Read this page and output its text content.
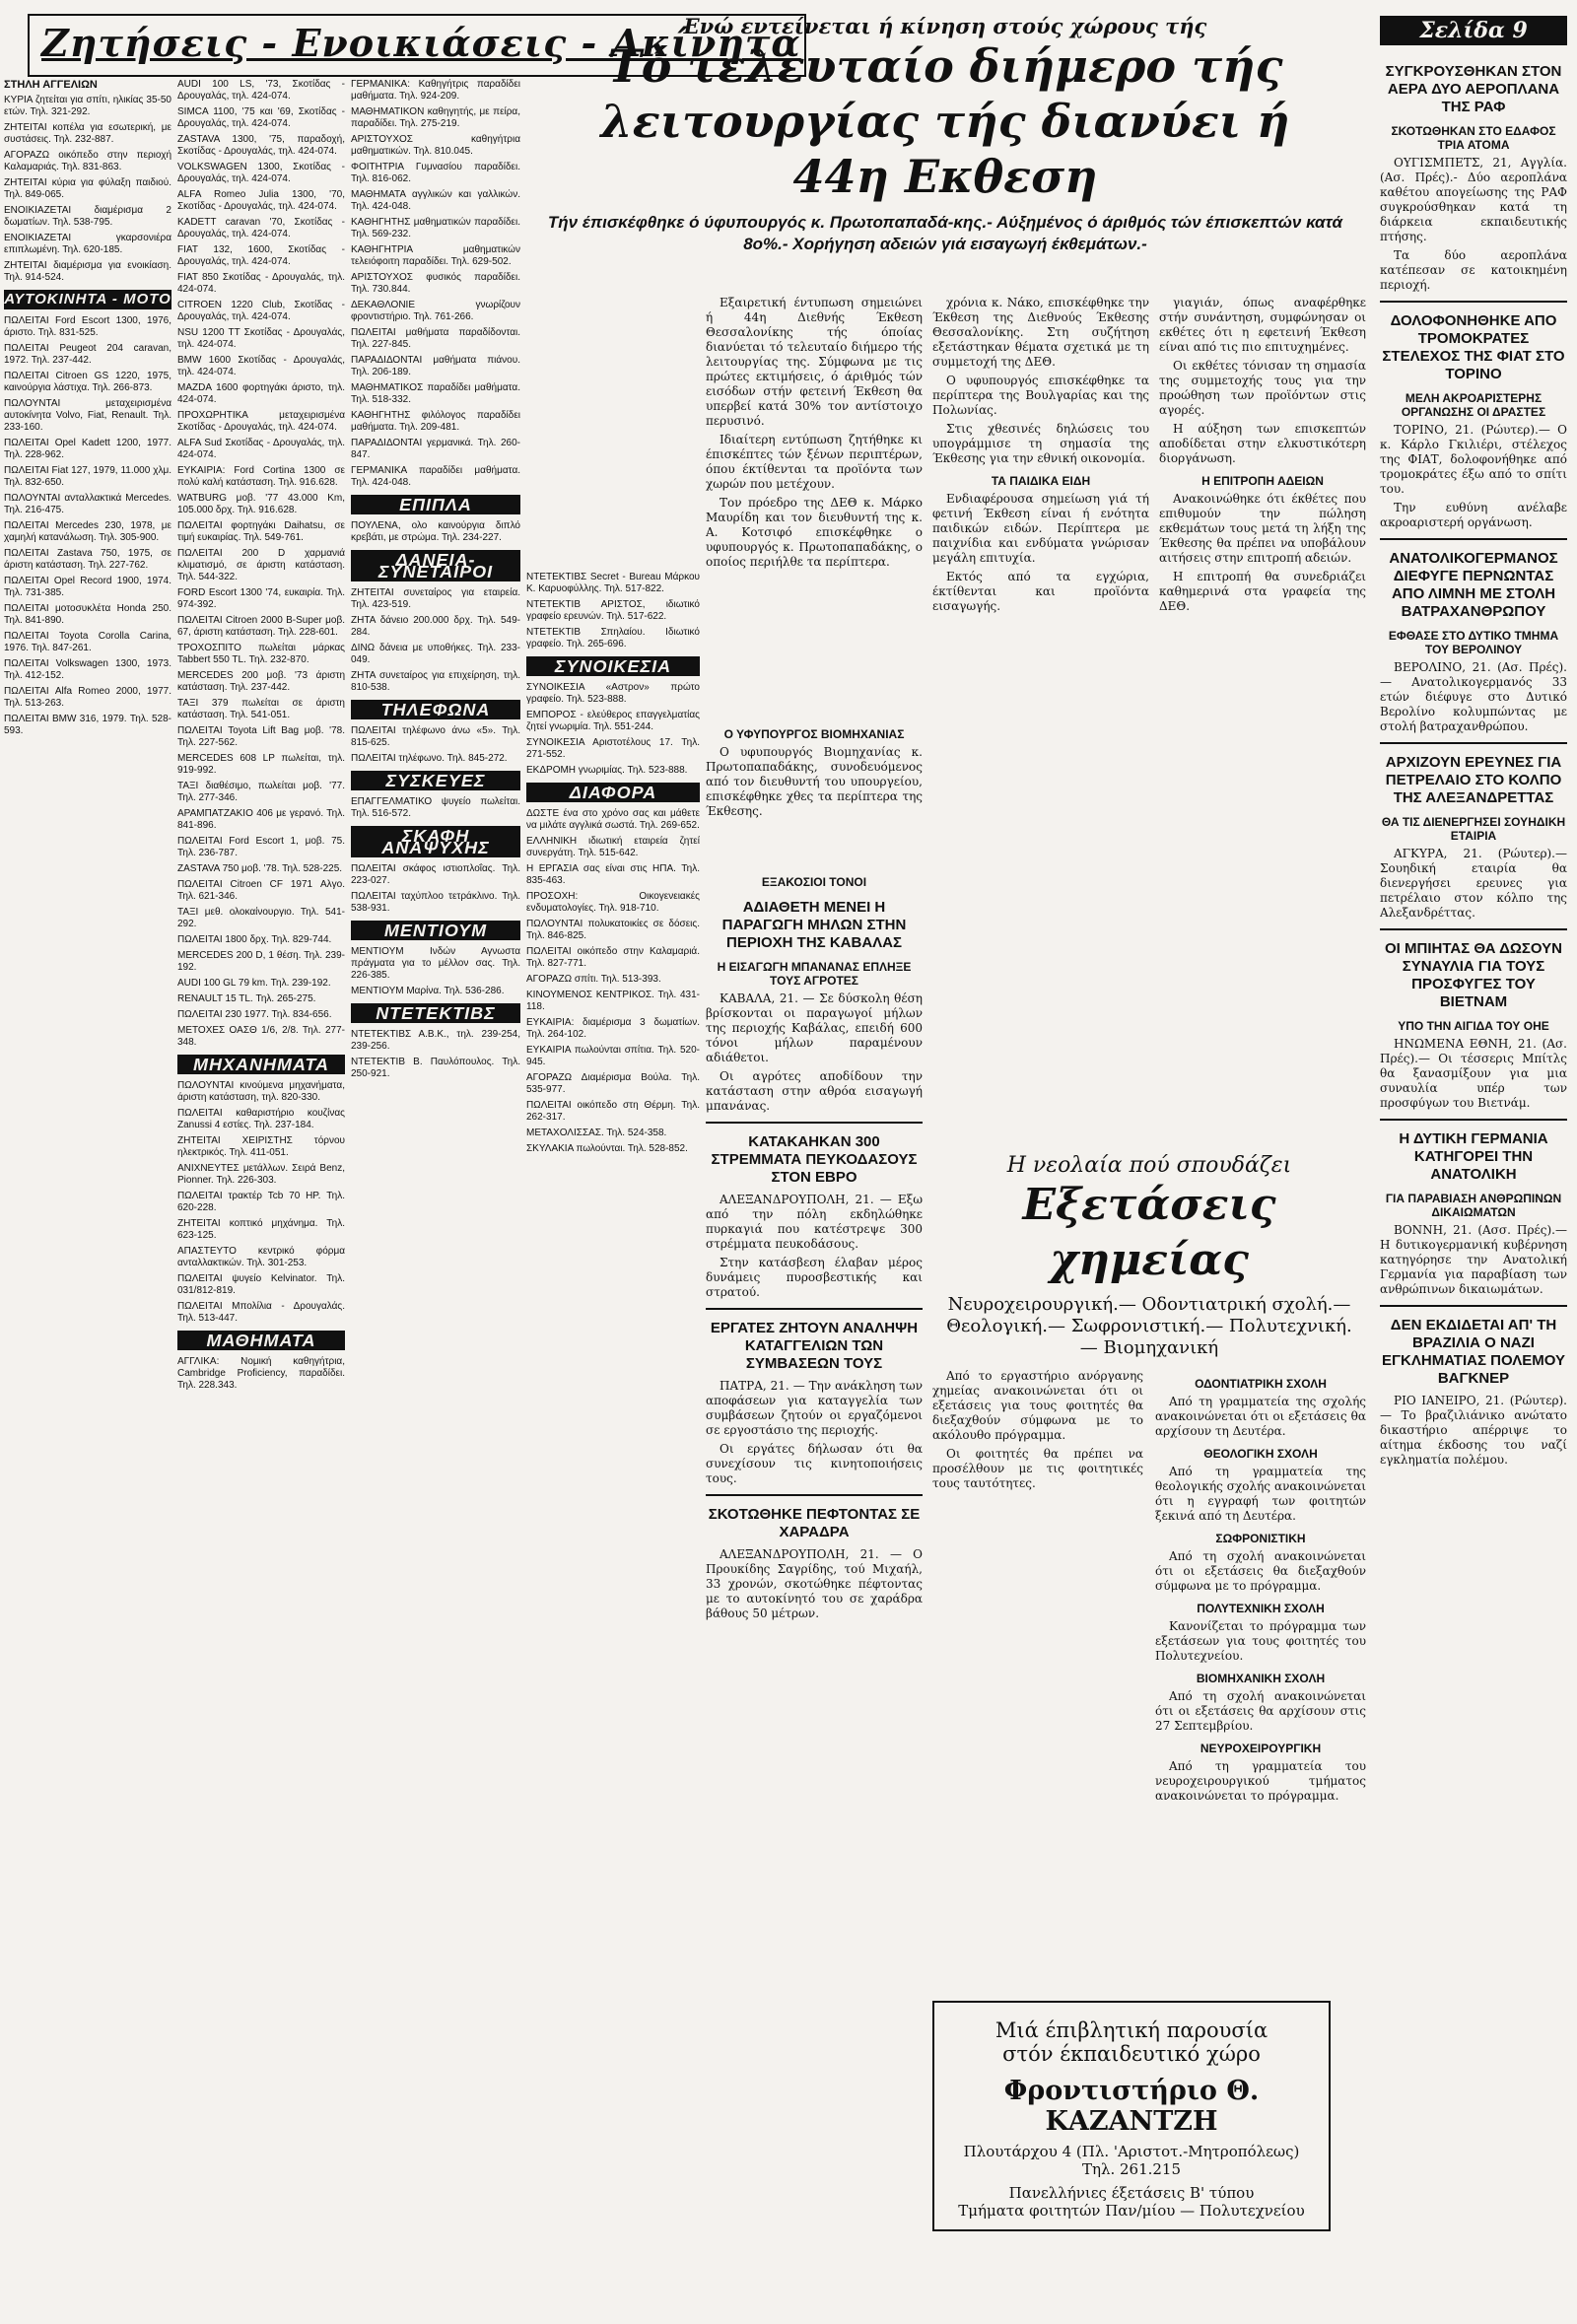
Ζητήσεις - Ενοικιάσεις - Ακίνητα
ΣΤΗΛΗ ΑΓΓΕΛΙΩΝ

ΚΥΡΙΑ ζητείται για σπίτι, ηλικίας 35-50 ετών. Τηλ. 321-292.

ΖΗΤΕΙΤΑΙ κοπέλα για εσωτερική, με συστάσεις. Τηλ. 232-887.

ΑΓΟΡΑΖΩ οικόπεδο στην περιοχή Καλαμαριάς. Τηλ. 831-863.

ΖΗΤΕΙΤΑΙ κύρια για φύλαξη παιδιού. Τηλ. 849-065.

ΕΝΟΙΚΙΑΖΕΤΑΙ διαμέρισμα 2 δωματίων. Τηλ. 538-795.

ΕΝΟΙΚΙΑΖΕΤΑΙ γκαρσονιέρα επιπλωμένη. Τηλ. 620-185.

ΖΗΤΕΙΤΑΙ διαμέρισμα για ενοικίαση. Τηλ. 914-524.

ΑΥΤΟΚΙΝΗΤΑ - ΜΟΤΟ

ΠΩΛΕΙΤΑΙ Ford Escort 1300, 1976, άριστο. Τηλ. 831-525.

ΠΩΛΕΙΤΑΙ Peugeot 204 caravan, 1972. Τηλ. 237-442.

ΠΩΛΕΙΤΑΙ Citroen GS 1220, 1975, καινούργια λάστιχα. Τηλ. 266-873.

ΠΩΛΟΥΝΤΑΙ μεταχειρισμένα αυτοκίνητα Volvo, Fiat, Renault. Τηλ. 233-160.

ΠΩΛΕΙΤΑΙ Opel Kadett 1200, 1977. Τηλ. 228-962.

ΠΩΛΕΙΤΑΙ Fiat 127, 1979, 11.000 χλμ. Τηλ. 832-650.

ΠΩΛΟΥΝΤΑΙ ανταλλακτικά Mercedes. Τηλ. 216-475.

ΠΩΛΕΙΤΑΙ Mercedes 230, 1978, με χαμηλή κατανάλωση. Τηλ. 305-900.

ΠΩΛΕΙΤΑΙ Zastava 750, 1975, σε άριστη κατάσταση. Τηλ. 227-762.

ΠΩΛΕΙΤΑΙ Opel Record 1900, 1974. Τηλ. 731-385.

ΠΩΛΕΙΤΑΙ μοτοσυκλέτα Honda 250. Τηλ. 841-890.

ΠΩΛΕΙΤΑΙ Toyota Corolla Carina, 1976. Τηλ. 847-261.

ΠΩΛΕΙΤΑΙ Volkswagen 1300, 1973. Τηλ. 412-152.

ΠΩΛΕΙΤΑΙ Alfa Romeo 2000, 1977. Τηλ. 513-263.

ΠΩΛΕΙΤΑΙ BMW 316, 1979. Τηλ. 528-593.

AUDI 100 LS, '73, Σκοτίδας - Δρουγαλάς, τηλ. 424-074.

SIMCA 1100, '75 και '69, Σκοτίδας - Δρουγαλάς, τηλ. 424-074.

ZASTAVA 1300, '75, παραδοχή, Σκοτίδας - Δρουγαλάς, τηλ. 424-074.

VOLKSWAGEN 1300, Σκοτίδας - Δρουγαλάς, τηλ. 424-074.

ALFA Romeo Julia 1300, '70, Σκοτίδας - Δρουγαλάς, τηλ. 424-074.

KADETT caravan '70, Σκοτίδας - Δρουγαλάς, τηλ. 424-074.

FIAT 132, 1600, Σκοτίδας - Δρουγαλάς, τηλ. 424-074.

FIAT 850 Σκοτίδας - Δρουγαλάς, τηλ. 424-074.

CITROEN 1220 Club, Σκοτίδας - Δρουγαλάς, τηλ. 424-074.

NSU 1200 TT Σκοτίδας - Δρουγαλάς, τηλ. 424-074.

BMW 1600 Σκοτίδας - Δρουγαλάς, τηλ. 424-074.

MAZDA 1600 φορτηγάκι άριστο, τηλ. 424-074.

ΠΡΟΧΩΡΗΤΙΚΑ μεταχειρισμένα Σκοτίδας - Δρουγαλάς, τηλ. 424-074.

ALFA Sud Σκοτίδας - Δρουγαλάς, τηλ. 424-074.

ΕΥΚΑΙΡΙΑ: Ford Cortina 1300 σε πολύ καλή κατάσταση. Τηλ. 916.628.

WATBURG μοβ. '77 43.000 Κm, 105.000 δρχ. Τηλ. 916.628.

ΠΩΛΕΙΤΑΙ φορτηγάκι Daihatsu, σε τιμή ευκαιρίας. Τηλ. 549-761.

ΠΩΛΕΙΤΑΙ 200 D χαρμανιά κλιματισμό, σε άριστη κατάσταση. Τηλ. 544-322.

FORD Escort 1300 '74, ευκαιρία. Τηλ. 974-392.

ΠΩΛΕΙΤΑΙ Citroen 2000 B-Super μοβ. 67, άριστη κατάσταση. Τηλ. 228-601.

ΤΡΟΧΟΣΠΙΤΟ πωλείται μάρκας Tabbert 550 TL. Τηλ. 232-870.

MERCEDES 200 μοβ. '73 άριστη κατάσταση. Τηλ. 237-442.

ΤΑΞΙ 379 πωλείται σε άριστη κατάσταση. Τηλ. 541-051.

ΠΩΛΕΙΤΑΙ Toyota Lift Bag μοβ. '78. Τηλ. 227-562.

MERCEDES 608 LP πωλείται, τηλ. 919-992.

ΤΑΞΙ διαθέσιμο, πωλείται μοβ. '77. Τηλ. 277-346.

ΑΡΑΜΠΑΤΖΑΚΙΟ 406 με γερανό. Τηλ. 841-896.

ΠΩΛΕΙΤΑΙ Ford Escort 1, μοβ. 75. Τηλ. 236-787.

ZASTAVA 750 μοβ. '78. Τηλ. 528-225.

ΠΩΛΕΙΤΑΙ Citroen CF 1971 Αλγο. Τηλ. 621-346.

ΤΑΞΙ μεθ. ολοκαίνουργιο. Τηλ. 541-292.

ΠΩΛΕΙΤΑΙ 1800 δρχ. Τηλ. 829-744.

MERCEDES 200 D, 1 θέση. Τηλ. 239-192.

AUDI 100 GL 79 km. Τηλ. 239-192.

RENAULT 15 TL. Τηλ. 265-275.

ΠΩΛΕΙΤΑΙ 230 1977. Τηλ. 834-656.

ΜΕΤΟΧΕΣ ΟΑΣΘ 1/6, 2/8. Τηλ. 277-348.

ΜΗΧΑΝΗΜΑΤΑ

ΠΩΛΟΥΝΤΑΙ κινούμενα μηχανήματα, άριστη κατάσταση, τηλ. 820-330.

ΠΩΛΕΙΤΑΙ καθαριστήριο κουζίνας Zanussi 4 εστίες. Τηλ. 237-184.

ΖΗΤΕΙΤΑΙ ΧΕΙΡΙΣΤΗΣ τόρνου ηλεκτρικός. Τηλ. 411-051.

ANIXNEYTEΣ μετάλλων. Σειρά Benz, Pionner. Τηλ. 226-303.

ΠΩΛΕΙΤΑΙ τρακτέρ Tcb 70 HP. Τηλ. 620-228.

ΖΗΤΕΙΤΑΙ κοπτικό μηχάνημα. Τηλ. 623-125.

ΑΠΑΣΤΕΥΤΟ κεντρικό φόρμα ανταλλακτικών. Τηλ. 301-253.

ΠΩΛΕΙΤΑΙ ψυγείο Kelvinator. Τηλ. 031/812-819.

ΠΩΛΕΙΤΑΙ Μπολίλια - Δρουγαλάς. Τηλ. 513-447.

ΜΑΘΗΜΑΤΑ

ΑΓΓΛΙΚΑ: Νομική καθηγήτρια, Cambridge Proficiency, παραδίδει. Τηλ. 228.343.

ΓΕΡΜΑΝΙΚΑ: Καθηγήτρις παραδίδει μαθήματα. Τηλ. 924-209.

ΜΑΘΗΜΑΤΙΚΟΝ καθηγητής, με πείρα, παραδίδει. Τηλ. 275-219.

ΑΡΙΣΤΟΥΧΟΣ καθηγήτρια μαθηματικών. Τηλ. 810.045.

ΦΟΙΤΗΤΡΙΑ Γυμνασίου παραδίδει. Τηλ. 816-062.

ΜΑΘΗΜΑΤΑ αγγλικών και γαλλικών. Τηλ. 424-048.

ΚΑΘΗΓΗΤΗΣ μαθηματικών παραδίδει. Τηλ. 569-232.

ΚΑΘΗΓΗΤΡΙΑ μαθηματικών τελειόφοιτη παραδίδει. Τηλ. 629-502.

ΑΡΙΣΤΟΥΧΟΣ φυσικός παραδίδει. Τηλ. 730.844.

ΔΕΚΑΘΛΟΝΙΕ γνωρίζουν φροντιστήριο. Τηλ. 761-266.

ΠΩΛΕΙΤΑΙ μαθήματα παραδίδονται. Τηλ. 227-845.

ΠΑΡΑΔΙΔΟΝΤΑΙ μαθήματα πιάνου. Τηλ. 206-189.

ΜΑΘΗΜΑΤΙΚΟΣ παραδίδει μαθήματα. Τηλ. 518-332.

ΚΑΘΗΓΗΤΗΣ φιλόλογος παραδίδει μαθήματα. Τηλ. 209-481.

ΠΑΡΑΔΙΔΟΝΤΑΙ γερμανικά. Τηλ. 260-847.

ΓΕΡΜΑΝΙΚΑ παραδίδει μαθήματα. Τηλ. 424-048.

ΕΠΙΠΛΑ

ΠΟΥΛΕΝΑ, ολο καινούργια διπλό κρεβάτι, με στρώμα. Τηλ. 234-227.

ΔΑΝΕΙΑ-ΣΥΝΕΤΑΙΡΟΙ

ΖΗΤΕΙΤΑΙ συνεταίρος για εταιρεία. Τηλ. 423-519.

ΖΗΤΑ δάνειο 200.000 δρχ. Τηλ. 549-284.

ΔΙΝΩ δάνεια με υποθήκες. Τηλ. 233-049.

ΖΗΤΑ συνεταίρος για επιχείρηση, τηλ. 810-538.

ΤΗΛΕΦΩΝΑ

ΠΩΛΕΙΤΑΙ τηλέφωνο άνω «5». Τηλ. 815-625.

ΠΩΛΕΙΤΑΙ τηλέφωνο. Τηλ. 845-272.

ΣΥΣΚΕΥΕΣ

ΕΠΑΓΓΕΛΜΑΤΙΚΟ ψυγείο πωλείται. Τηλ. 516-572.

ΣΚΑΦΗ ΑΝΑΨΥΧΗΣ

ΠΩΛΕΙΤΑΙ σκάφος ιστιοπλοΐας. Τηλ. 223-027.

ΠΩΛΕΙΤΑΙ ταχύπλοο τετράκλινο. Τηλ. 538-931.

ΜΕΝΤΙΟΥΜ

ΜΕΝΤΙΟΥΜ Ινδών Αγνωστα πράγματα για το μέλλον σας. Τηλ. 226-385.

ΜΕΝΤΙΟΥΜ Μαρίνα. Τηλ. 536-286.

ΝΤΕΤΕΚΤΙΒΣ

ΝΤΕΤΕΚΤΙΒΣ Α.Β.Κ., τηλ. 239-254, 239-256.

ΝΤΕΤΕΚΤΙΒ Β. Παυλόπουλος. Τηλ. 250-921.

ΝΤΕΤΕΚΤΙΒΣ Secret - Bureau Μάρκου Κ. Καρυοφύλλης. Τηλ. 517-822.

ΝΤΕΤΕΚΤΙΒ ΑΡΙΣΤΟΣ, ιδιωτικό γραφείο ερευνών. Τηλ. 517-622.

ΝΤΕΤΕΚΤΙΒ Σπηλαίου. Ιδιωτικό γραφείο. Τηλ. 265-696.

ΣΥΝΟΙΚΕΣΙΑ

ΣΥΝΟΙΚΕΣΙΑ «Αστρον» πρώτο γραφείο. Τηλ. 523-888.

ΕΜΠΟΡΟΣ - ελεύθερος επαγγελματίας ζητεί γνωριμία. Τηλ. 551-244.

ΣΥΝΟΙΚΕΣΙΑ Αριστοτέλους 17. Τηλ. 271-552.

ΕΚΔΡΟΜΗ γνωριμίας. Τηλ. 523-888.

ΔΙΑΦΟΡΑ

ΔΩΣΤΕ ένα στο χρόνο σας και μάθετε να μιλάτε αγγλικά σωστά. Τηλ. 269-652.

ΕΛΛΗΝΙΚΗ ιδιωτική εταιρεία ζητεί συνεργάτη. Τηλ. 515-642.

Η ΕΡΓΑΣΙΑ σας είναι στις ΗΠΑ. Τηλ. 835-463.

ΠΡΟΣΟΧΗ: Οικογενειακές ενδυματολογίες. Τηλ. 918-710.

ΠΩΛΟΥΝΤΑΙ πολυκατοικίες σε δόσεις. Τηλ. 846-825.

ΠΩΛΕΙΤΑΙ οικόπεδο στην Καλαμαριά. Τηλ. 827-771.

ΑΓΟΡΑΖΩ σπίτι. Τηλ. 513-393.

ΚΙΝΟΥΜΕΝΟΣ ΚΕΝΤΡΙΚΟΣ. Τηλ. 431-118.

ΕΥΚΑΙΡΙΑ: διαμέρισμα 3 δωματίων. Τηλ. 264-102.

ΕΥΚΑΙΡΙΑ πωλούνται σπίτια. Τηλ. 520-945.

ΑΓΟΡΑΖΩ Διαμέρισμα Βούλα. Τηλ. 535-977.

ΠΩΛΕΙΤΑΙ οικόπεδο στη Θέρμη. Τηλ. 262-317.

ΜΕΤΑΧΟΛΙΣΣΑΣ. Τηλ. 524-358.

ΣΚΥΛΑΚΙΑ πωλούνται. Τηλ. 528-852.

Ενώ εντείνεται ή κίνηση στούς χώρους τής
Τό τελευταίο διήμερο τής λειτουργίας τής διανύει ή 44η Εκθεση
Τήν έπισκέφθηκε ό ύφυπουργός κ. Πρωτοπαπαδά-κης.- Αύξημένος ό άριθμός τών έπισκεπτών κατά 8ο%.- Χορήγηση αδειών γιά εισαγωγή έκθεμάτων.-

Εξαιρετική έντυπωση σημειώνει ή 44η Διεθνής Έκθεση Θεσσαλονίκης τής όποίας διανύεται τό τελευταίο διήμερο τής λειτουργίας της. Σύμφωνα με τις πρώτες εκτιμήσεις, ό άριθμός τών εισόδων στήν φετεινή Έκθεση θα υπερβεί κατά 30% τον αντίστοιχο περυσινό.

Ιδιαίτερη εντύπωση ζητήθηκε κι έπισκέπτες τών ξένων περιπτέρων, όπου έκτίθενται τα προϊόντα των χωρών που μετέχουν.

Τον πρόεδρο της ΔΕΘ κ. Μάρκο Μαυρίδη και τον διευθυντή της κ. Α. Κοτσιφό επισκέφθηκε ο υφυπουργός κ. Πρωτοπαπαδάκης, ο οποίος περιήλθε τα περίπτερα.

χρόνια κ. Νάκο, επισκέφθηκε την Έκθεση της Διεθνούς Έκθεσης Θεσσαλονίκης. Στη συζήτηση εξετάστηκαν θέματα σχετικά με τη συμμετοχή της ΔΕΘ.

Ο υφυπουργός επισκέφθηκε τα περίπτερα της Βουλγαρίας και της Πολωνίας.

Στις χθεσινές δηλώσεις του υπογράμμισε τη σημασία της Έκθεσης για την εθνική οικονομία.

ΤΑ ΠΑΙΔΙΚΑ ΕΙΔΗ

Ενδιαφέρουσα σημείωση γιά τή φετινή Έκθεση είναι ή ενότητα παιδικών ειδών. Περίπτερα με παιχνίδια και ενδύματα γνώρισαν μεγάλη επιτυχία.

Εκτός από τα εγχώρια, έκτίθενται και προϊόντα εισαγωγής.

γιαγιάν, όπως αναφέρθηκε στήν συνάντηση, συμφώνησαν οι εκθέτες ότι η εφετεινή Έκθεση είναι από τις πιο επιτυχημένες.

Οι εκθέτες τόνισαν τη σημασία της συμμετοχής τους για την προώθηση των προϊόντων στις αγορές.

Η αύξηση των επισκεπτών αποδίδεται στην ελκυστικότερη διοργάνωση.

Η ΕΠΙΤΡΟΠΗ ΑΔΕΙΩΝ

Ανακοινώθηκε ότι έκθέτες που επιθυμούν την πώληση εκθεμάτων τους μετά τη λήξη της Έκθεσης θα πρέπει να υποβάλουν αιτήσεις στην επιτροπή αδειών.

Η επιτροπή θα συνεδριάζει καθημερινά στα γραφεία της ΔΕΘ.

Ο ΥΦΥΠΟΥΡΓΟΣ ΒΙΟΜΗΧΑΝΙΑΣ

Ο υφυπουργός Βιομηχανίας κ. Πρωτοπαπαδάκης, συνοδευόμενος από τον διευθυντή του υπουργείου, επισκέφθηκε χθες τα περίπτερα της Έκθεσης.

ΕΞΑΚΟΣΙΟΙ ΤΟΝΟΙ
ΑΔΙΑΘΕΤΗ ΜΕΝΕΙ Η ΠΑΡΑΓΩΓΗ ΜΗΛΩΝ ΣΤΗΝ ΠΕΡΙΟΧΗ ΤΗΣ ΚΑΒΑΛΑΣ
Η ΕΙΣΑΓΩΓΗ ΜΠΑΝΑΝΑΣ ΕΠΛΗΞΕ ΤΟΥΣ ΑΓΡΟΤΕΣ

ΚΑΒΑΛΑ, 21. — Σε δύσκολη θέση βρίσκονται οι παραγωγοί μήλων της περιοχής Καβάλας, επειδή 600 τόνοι μήλων παραμένουν αδιάθετοι.

Οι αγρότες αποδίδουν την κατάσταση στην αθρόα εισαγωγή μπανάνας.

ΚΑΤΑΚΑΗΚΑΝ 300 ΣΤΡΕΜΜΑΤΑ ΠΕΥΚΟΔΑΣΟΥΣ ΣΤΟΝ ΕΒΡΟ

ΑΛΕΞΑΝΔΡΟΥΠΟΛΗ, 21. — Εξω από την πόλη εκδηλώθηκε πυρκαγιά που κατέστρεψε 300 στρέμματα πευκοδάσους.

Στην κατάσβεση έλαβαν μέρος δυνάμεις πυροσβεστικής και στρατού.

ΕΡΓΑΤΕΣ ΖΗΤΟΥΝ ΑΝΑΛΗΨΗ ΚΑΤΑΓΓΕΛΙΩΝ ΤΩΝ ΣΥΜΒΑΣΕΩΝ ΤΟΥΣ

ΠΑΤΡΑ, 21. — Την ανάκληση των αποφάσεων για καταγγελία των συμβάσεων ζητούν οι εργαζόμενοι σε εργοστάσιο της περιοχής.

Οι εργάτες δήλωσαν ότι θα συνεχίσουν τις κινητοποιήσεις τους.

ΣΚΟΤΩΘΗΚΕ ΠΕΦΤΟΝΤΑΣ ΣΕ ΧΑΡΑΔΡΑ

ΑΛΕΞΑΝΔΡΟΥΠΟΛΗ, 21. — Ο Προυκίδης Σαγρίδης, τού Μιχαήλ, 33 χρονών, σκοτώθηκε πέφτοντας με το αυτοκίνητό του σε χαράδρα βάθους 50 μέτρων.

Η νεολαία πού σπουδάζει
Εξετάσεις χημείας
Νευροχειρουργική.— Οδοντιατρική σχολή.— Θεολογική.— Σωφρονιστική.— Πολυτεχνική.— Βιομηχανική

Από το εργαστήριο ανόργανης χημείας ανακοινώνεται ότι οι εξετάσεις για τους φοιτητές θα διεξαχθούν σύμφωνα με το ακόλουθο πρόγραμμα.

Οι φοιτητές θα πρέπει να προσέλθουν με τις φοιτητικές τους ταυτότητες.

ΟΔΟΝΤΙΑΤΡΙΚΗ ΣΧΟΛΗ

Από τη γραμματεία της σχολής ανακοινώνεται ότι οι εξετάσεις θα αρχίσουν τη Δευτέρα.

ΘΕΟΛΟΓΙΚΗ ΣΧΟΛΗ

Από τη γραμματεία της θεολογικής σχολής ανακοινώνεται ότι η εγγραφή των φοιτητών ξεκινά από τη Δευτέρα.

ΣΩΦΡΟΝΙΣΤΙΚΗ

Από τη σχολή ανακοινώνεται ότι οι εξετάσεις θα διεξαχθούν σύμφωνα με το πρόγραμμα.

ΠΟΛΥΤΕΧΝΙΚΗ ΣΧΟΛΗ

Κανονίζεται το πρόγραμμα των εξετάσεων για τους φοιτητές του Πολυτεχνείου.

ΒΙΟΜΗΧΑΝΙΚΗ ΣΧΟΛΗ

Από τη σχολή ανακοινώνεται ότι οι εξετάσεις θα αρχίσουν στις 27 Σεπτεμβρίου.

ΝΕΥΡΟΧΕΙΡΟΥΡΓΙΚΗ

Από τη γραμματεία του νευροχειρουργικού τμήματος ανακοινώνεται το πρόγραμμα.

Μιά έπιβλητική παρουσία
στόν έκπαιδευτικό χώρο
Φροντιστήριο Θ. ΚΑΖΑΝΤΖΗ
Πλουτάρχου 4 (Πλ. 'Αριστοτ.-Μητροπόλεως)
Τηλ. 261.215
Πανελλήνιες έξετάσεις Β' τύπου
Τμήματα φοιτητών Παν/μίου — Πολυτεχνείου
Σελίδα 9
ΣΥΓΚΡΟΥΣΘΗΚΑΝ ΣΤΟΝ ΑΕΡΑ ΔΥΟ ΑΕΡΟΠΛΑΝΑ ΤΗΣ ΡΑΦ
ΣΚΟΤΩΘΗΚΑΝ ΣΤΟ ΕΔΑΦΟΣ ΤΡΙΑ ΑΤΟΜΑ

ΟΥΓΙΣΜΠΕΤΣ, 21, Αγγλία. (Ασ. Πρές).- Δύο αεροπλάνα καθέτου απογείωσης της ΡΑΦ συγκρούσθηκαν κατά τη διάρκεια εκπαιδευτικής πτήσης.

Τα δύο αεροπλάνα κατέπεσαν σε κατοικημένη περιοχή.

ΔΟΛΟΦΟΝΗΘΗΚΕ ΑΠΟ ΤΡΟΜΟΚΡΑΤΕΣ ΣΤΕΛΕΧΟΣ ΤΗΣ ΦΙΑΤ ΣΤΟ ΤΟΡΙΝΟ
ΜΕΛΗ ΑΚΡΟΑΡΙΣΤΕΡΗΣ ΟΡΓΑΝΩΣΗΣ ΟΙ ΔΡΑΣΤΕΣ

ΤΟΡΙΝΟ, 21. (Ρώυτερ).— Ο κ. Κάρλο Γκιλιέρι, στέλεχος της ΦΙΑΤ, δολοφονήθηκε από τρομοκράτες έξω από το σπίτι του.

Την ευθύνη ανέλαβε ακροαριστερή οργάνωση.

ΑΝΑΤΟΛΙΚΟΓΕΡΜΑΝΟΣ ΔΙΕΦΥΓΕ ΠΕΡΝΩΝΤΑΣ ΑΠΟ ΛΙΜΝΗ ΜΕ ΣΤΟΛΗ ΒΑΤΡΑΧΑΝΘΡΩΠΟΥ
ΕΦΘΑΣΕ ΣΤΟ ΔΥΤΙΚΟ ΤΜΗΜΑ ΤΟΥ ΒΕΡΟΛΙΝΟΥ

ΒΕΡΟΛΙΝΟ, 21. (Ασ. Πρές).— Ανατολικογερμανός 33 ετών διέφυγε στο Δυτικό Βερολίνο κολυμπώντας με στολή βατραχανθρώπου.

ΑΡΧΙΖΟΥΝ ΕΡΕΥΝΕΣ ΓΙΑ ΠΕΤΡΕΛΑΙΟ ΣΤΟ ΚΟΛΠΟ ΤΗΣ ΑΛΕΞΑΝΔΡΕΤΤΑΣ
ΘΑ ΤΙΣ ΔΙΕΝΕΡΓΗΣΕΙ ΣΟΥΗΔΙΚΗ ΕΤΑΙΡΙΑ

ΑΓΚΥΡΑ, 21. (Ρώυτερ).— Σουηδική εταιρία θα διενεργήσει ερευνες για πετρέλαιο στον κόλπο της Αλεξανδρέττας.

ΟΙ ΜΠΙΗΤΑΣ ΘΑ ΔΩΣΟΥΝ ΣΥΝΑΥΛΙΑ ΓΙΑ ΤΟΥΣ ΠΡΟΣΦΥΓΕΣ ΤΟΥ ΒΙΕΤΝΑΜ
ΥΠΟ ΤΗΝ ΑΙΓΙΔΑ ΤΟΥ ΟΗΕ

ΗΝΩΜΕΝΑ ΕΘΝΗ, 21. (Ασ. Πρές).— Οι τέσσερις Μπίτλς θα ξανασμίξουν για μια συναυλία υπέρ των προσφύγων του Βιετνάμ.

Η ΔΥΤΙΚΗ ΓΕΡΜΑΝΙΑ ΚΑΤΗΓΟΡΕΙ ΤΗΝ ΑΝΑΤΟΛΙΚΗ
ΓΙΑ ΠΑΡΑΒΙΑΣΗ ΑΝΘΡΩΠΙΝΩΝ ΔΙΚΑΙΩΜΑΤΩΝ

ΒΟΝΝΗ, 21. (Ασσ. Πρές).— Η δυτικογερμανική κυβέρνηση κατηγόρησε την Ανατολική Γερμανία για παραβίαση των ανθρώπινων δικαιωμάτων.

ΔΕΝ ΕΚΔΙΔΕΤΑΙ ΑΠ' ΤΗ ΒΡΑΖΙΛΙΑ Ο ΝΑΖΙ ΕΓΚΛΗΜΑΤΙΑΣ ΠΟΛΕΜΟΥ ΒΑΓΚΝΕΡ

ΡΙΟ ΙΑΝΕΙΡΟ, 21. (Ρώυτερ).— Το βραζιλιάνικο ανώτατο δικαστήριο απέρριψε το αίτημα έκδοσης του ναζί εγκληματία πολέμου.
